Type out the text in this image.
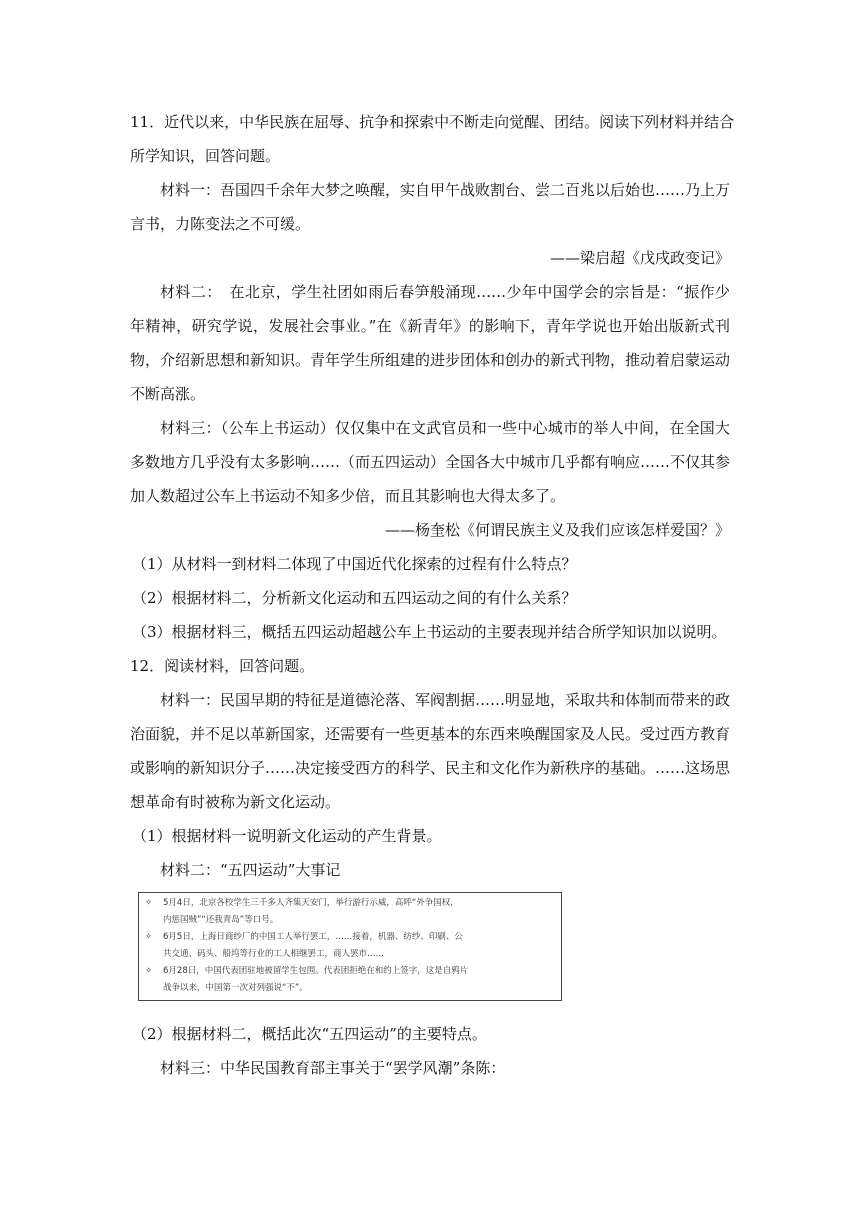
11．近代以来，中华民族在屈辱、抗争和探索中不断走向觉醒、团结。阅读下列材料并结合
所学知识，回答问题。
材料一：吾国四千余年大梦之唤醒，实自甲午战败割台、尝二百兆以后始也……乃上万
言书，力陈变法之不可缓。
——梁启超《戊戌政变记》
材料二：　在北京，学生社团如雨后春笋般涌现……少年中国学会的宗旨是：“振作少
年精神，研究学说，发展社会事业。”在《新青年》的影响下，青年学说也开始出版新式刊
物，介绍新思想和新知识。青年学生所组建的进步团体和创办的新式刊物，推动着启蒙运动
不断高涨。
材料三：（公车上书运动）仅仅集中在文武官员和一些中心城市的举人中间，在全国大
多数地方几乎没有太多影响……（而五四运动）全国各大中城市几乎都有响应……不仅其参
加人数超过公车上书运动不知多少倍，而且其影响也大得太多了。
——杨奎松《何谓民族主义及我们应该怎样爱国？》
（1）从材料一到材料二体现了中国近代化探索的过程有什么特点？
（2）根据材料二，分析新文化运动和五四运动之间的有什么关系？
（3）根据材料三，概括五四运动超越公车上书运动的主要表现并结合所学知识加以说明。
12．阅读材料，回答问题。
材料一：民国早期的特征是道德沦落、军阀割据……明显地，采取共和体制而带来的政
治面貌，并不足以革新国家，还需要有一些更基本的东西来唤醒国家及人民。受过西方教育
或影响的新知识分子……决定接受西方的科学、民主和文化作为新秩序的基础。……这场思
想革命有时被称为新文化运动。
（1）根据材料一说明新文化运动的产生背景。
材料二：“五四运动”大事记
✧ 5月4日，北京各校学生三千多人齐集天安门，举行游行示威，高呼“外争国权，
内惩国贼”“还我青岛”等口号。
✧ 6月5日，上海日商纱厂的中国工人举行罢工，……接着，机器、纺纱、印刷、公
共交通、码头、船坞等行业的工人相继罢工，商人罢市……
✧ 6月28日，中国代表团驻地被留学生包围。代表团拒绝在和约上签字，这是自鸦片
战争以来，中国第一次对列强说“不”。
（2）根据材料二，概括此次“五四运动”的主要特点。
材料三：中华民国教育部主事关于“罢学风潮”条陈：
